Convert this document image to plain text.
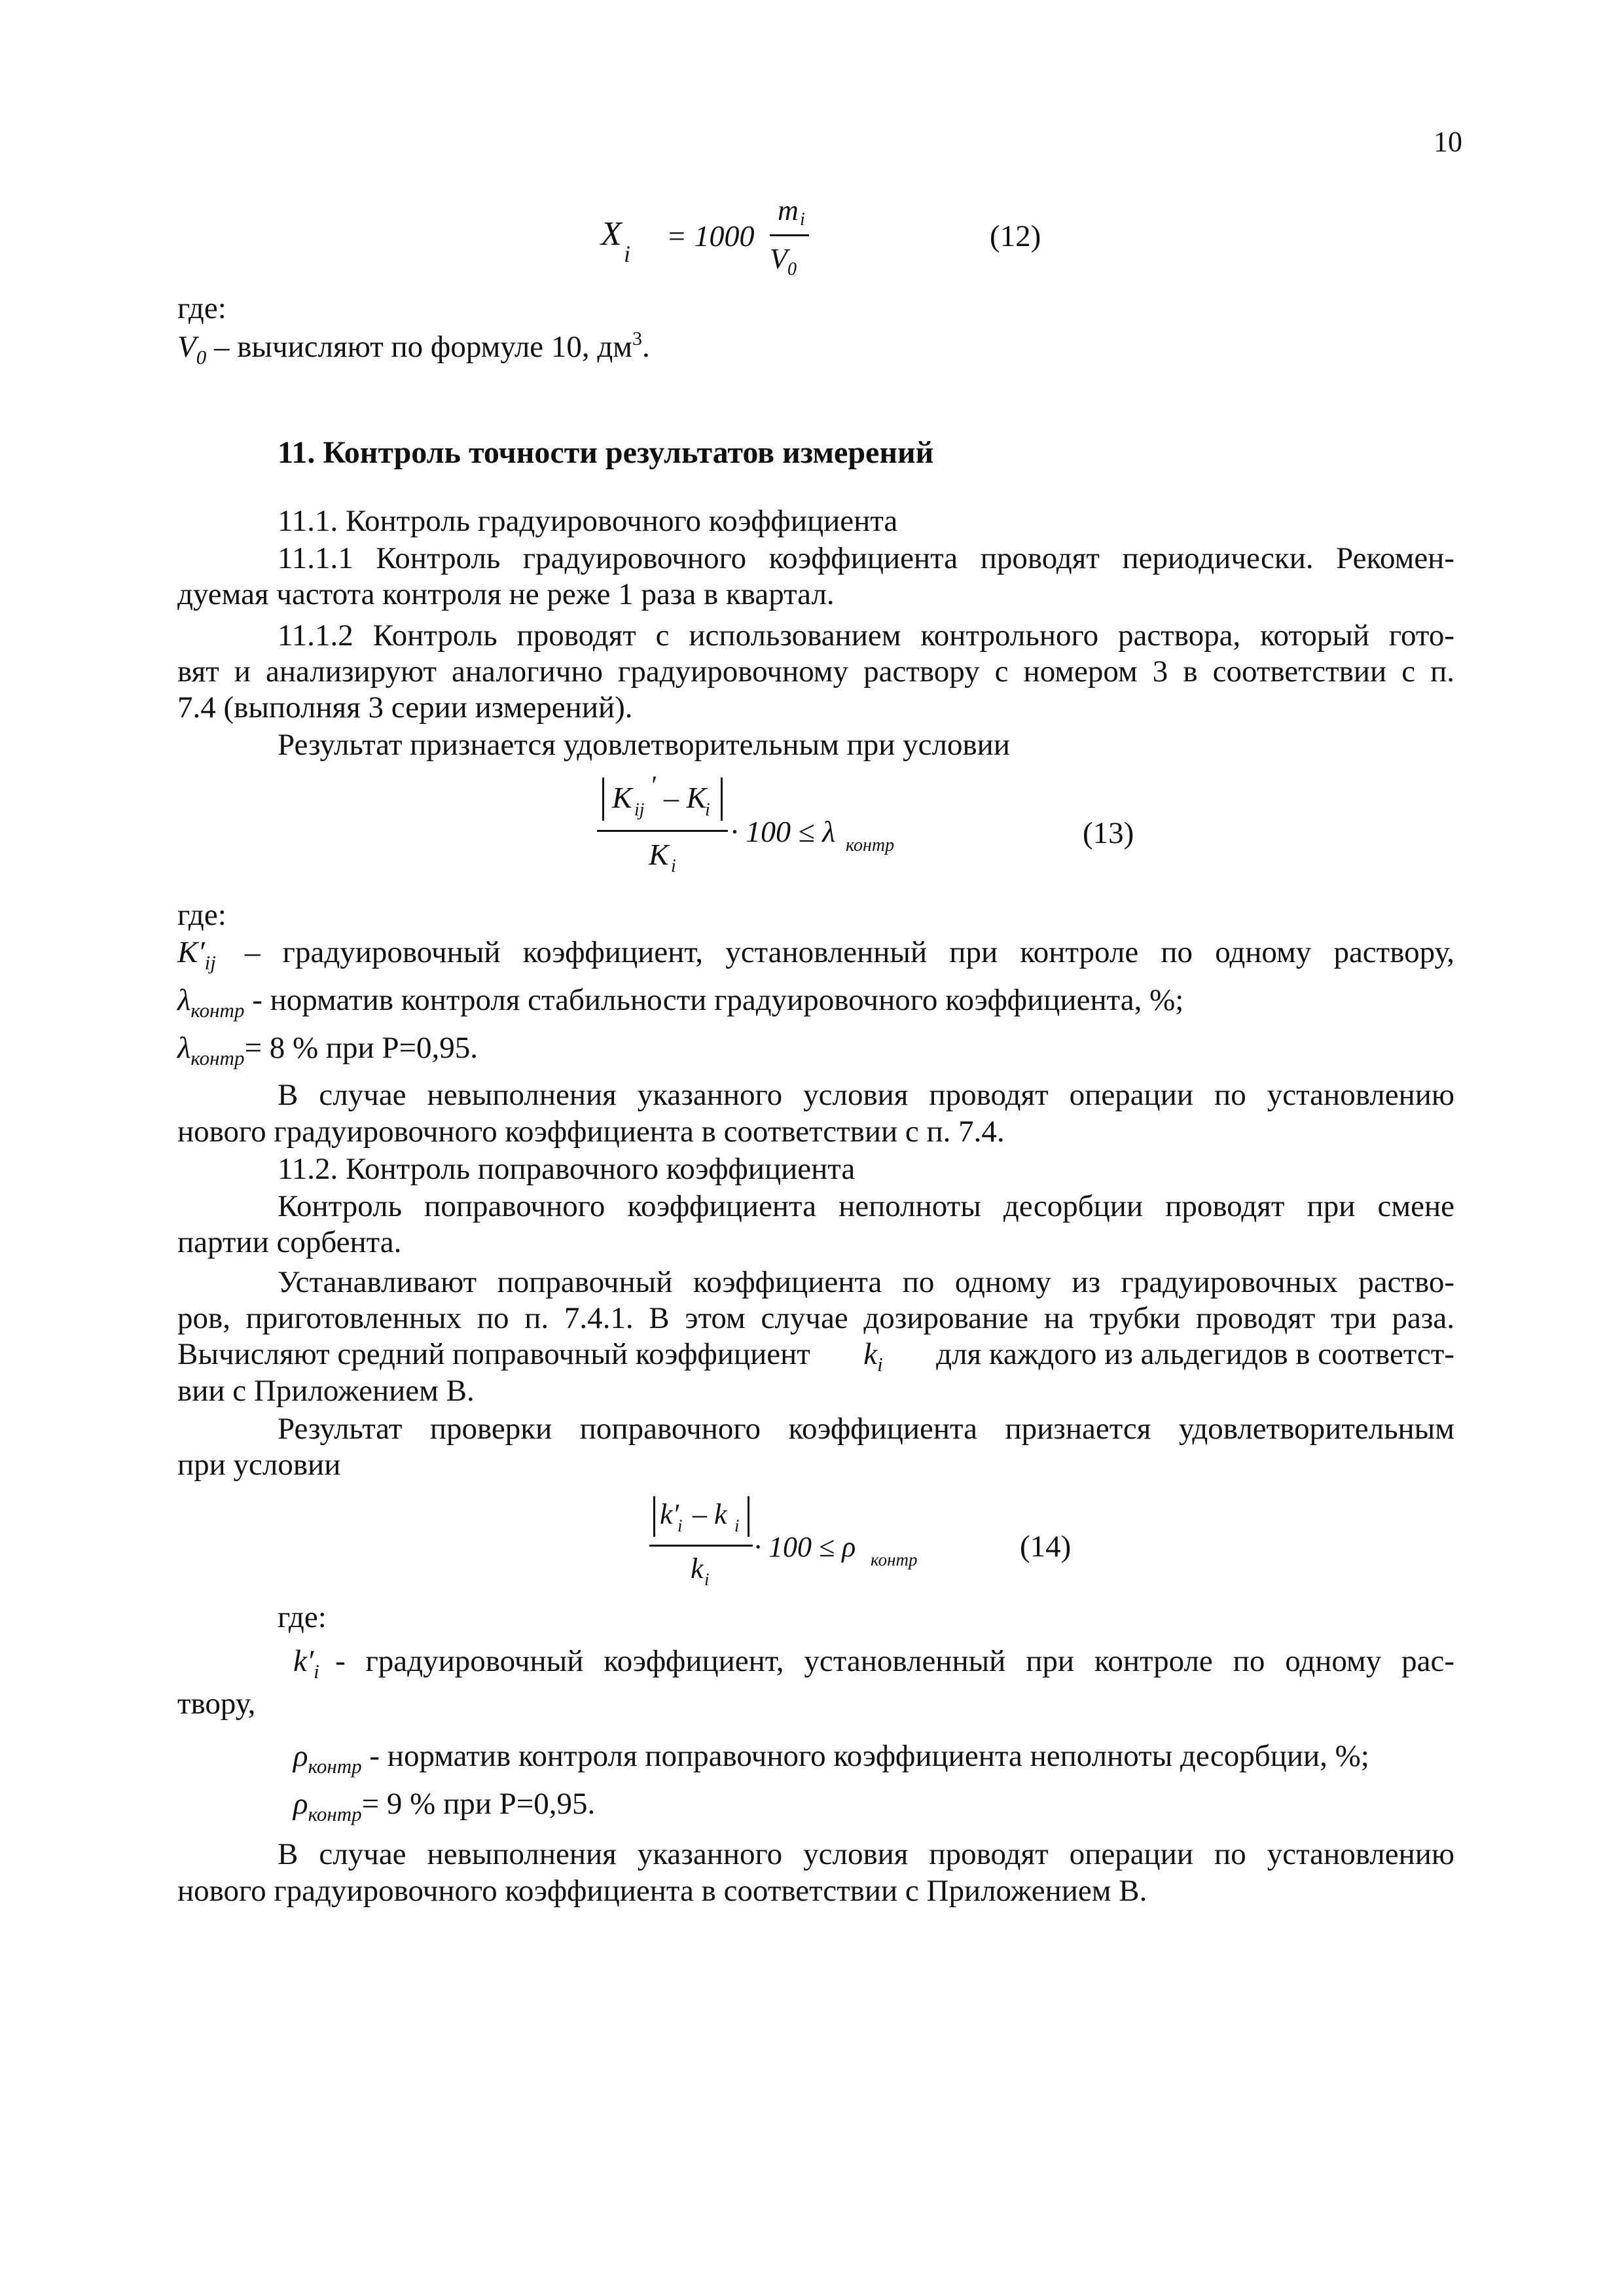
10
X
i
= 1000
m i
V 0
(12)
где:
$V_0$ – вычисляют по формуле 10, $дм^3$.
11. Контроль точности результатов измерений
11.1. Контроль градуировочного коэффициента
11.1.1 Контроль градуировочного коэффициента проводят периодически. Рекомен-
дуемая частота контроля не реже 1 раза в квартал.
11.1.2 Контроль проводят с использованием контрольного раствора, который гото-
вят и анализируют аналогично градуировочному раствору с номером 3 в соответствии с п.
7.4 (выполняя 3 серии измерений).
Результат признается удовлетворительным при условии
K ij
′ – K
i
K i
· 100 ≤ λ контр	(13)
где:
$K'_{ij}$ – градуировочный коэффициент, установленный при контроле по одному раствору,
$\lambda_{контр}$ - норматив контроля стабильности градуировочного коэффициента, %;
$\lambda_{контр}= 8$ % при Р=0,95.
В случае невыполнения указанного условия проводят операции по установлению
нового градуировочного коэффициента в соответствии с п. 7.4.
11.2. Контроль поправочного коэффициента
Контроль поправочного коэффициента неполноты десорбции проводят при смене
партии сорбента.
Устанавливают поправочный коэффициента по одному из градуировочных раство-
ров, приготовленных по п. 7.4.1. В этом случае дозирование на трубки проводят три раза.
Вычисляют средний поправочный коэффициент $k_i$ для каждого из альдегидов в соответст-
вии с Приложением В.
Результат проверки поправочного коэффициента признается удовлетворительным
при условии
k′
i – k i
k i
· 100 ≤ ρ контр	(14)
где:
$k'_i$ - градуировочный коэффициент, установленный при контроле по одному рас-
твору,
$\rho_{контр}$ - норматив контроля поправочного коэффициента неполноты десорбции, %;
$\rho_{контр}= 9$ % при Р=0,95.
В случае невыполнения указанного условия проводят операции по установлению
нового градуировочного коэффициента в соответствии с Приложением В.
